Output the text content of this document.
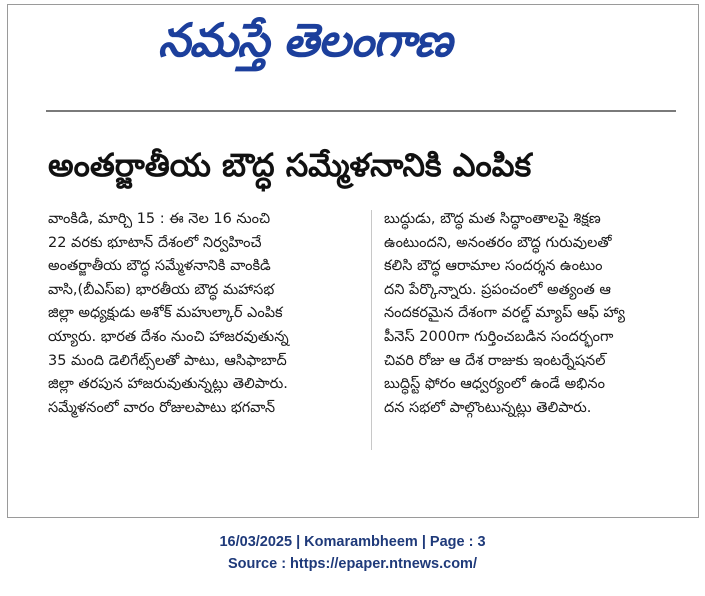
నమస్తే తెలంగాణ
అంతర్జాతీయ బౌద్ధ సమ్మేళనానికి ఎంపిక
వాంకిడి, మార్చి 15 : ఈ నెల 16 నుంచి
22 వరకు భూటాన్ దేశంలో నిర్వహించే
అంతర్జాతీయ బౌద్ధ సమ్మేళనానికి వాంకిడి
వాసి,(బీఎస్ఐ) భారతీయ బౌద్ధ మహాసభ
జిల్లా అధ్యక్షుడు అశోక్ మహుల్కార్ ఎంపిక
య్యారు. భారత దేశం నుంచి హాజరవుతున్న
35 మంది డెలిగేట్స్‌లతో పాటు, ఆసిఫాబాద్
జిల్లా తరపున హాజరువుతున్నట్లు తెలిపారు.
సమ్మేళనంలో వారం రోజులపాటు భగవాన్
బుద్ధుడు, బౌద్ధ మత సిద్ధాంతాలపై శిక్షణ
ఉంటుందని, అనంతరం బౌద్ధ గురువులతో
కలిసి బౌద్ధ ఆరామాల సందర్శన ఉంటుం
దని పేర్కొన్నారు. ప్రపంచంలో అత్యంత ఆ
నందకరమైన దేశంగా వరల్డ్ మ్యాప్ ఆఫ్ హ్యా
పీనెస్ 2000గా గుర్తించబడిన సందర్భంగా
చివరి రోజు ఆ దేశ రాజుకు ఇంటర్నేషనల్
బుద్ధిస్ట్ ఫోరం ఆధ్వర్యంలో ఉండే అభినం
దన సభలో పాల్గొంటున్నట్లు తెలిపారు.
16/03/2025 | Komarambheem | Page : 3
Source : https://epaper.ntnews.com/
